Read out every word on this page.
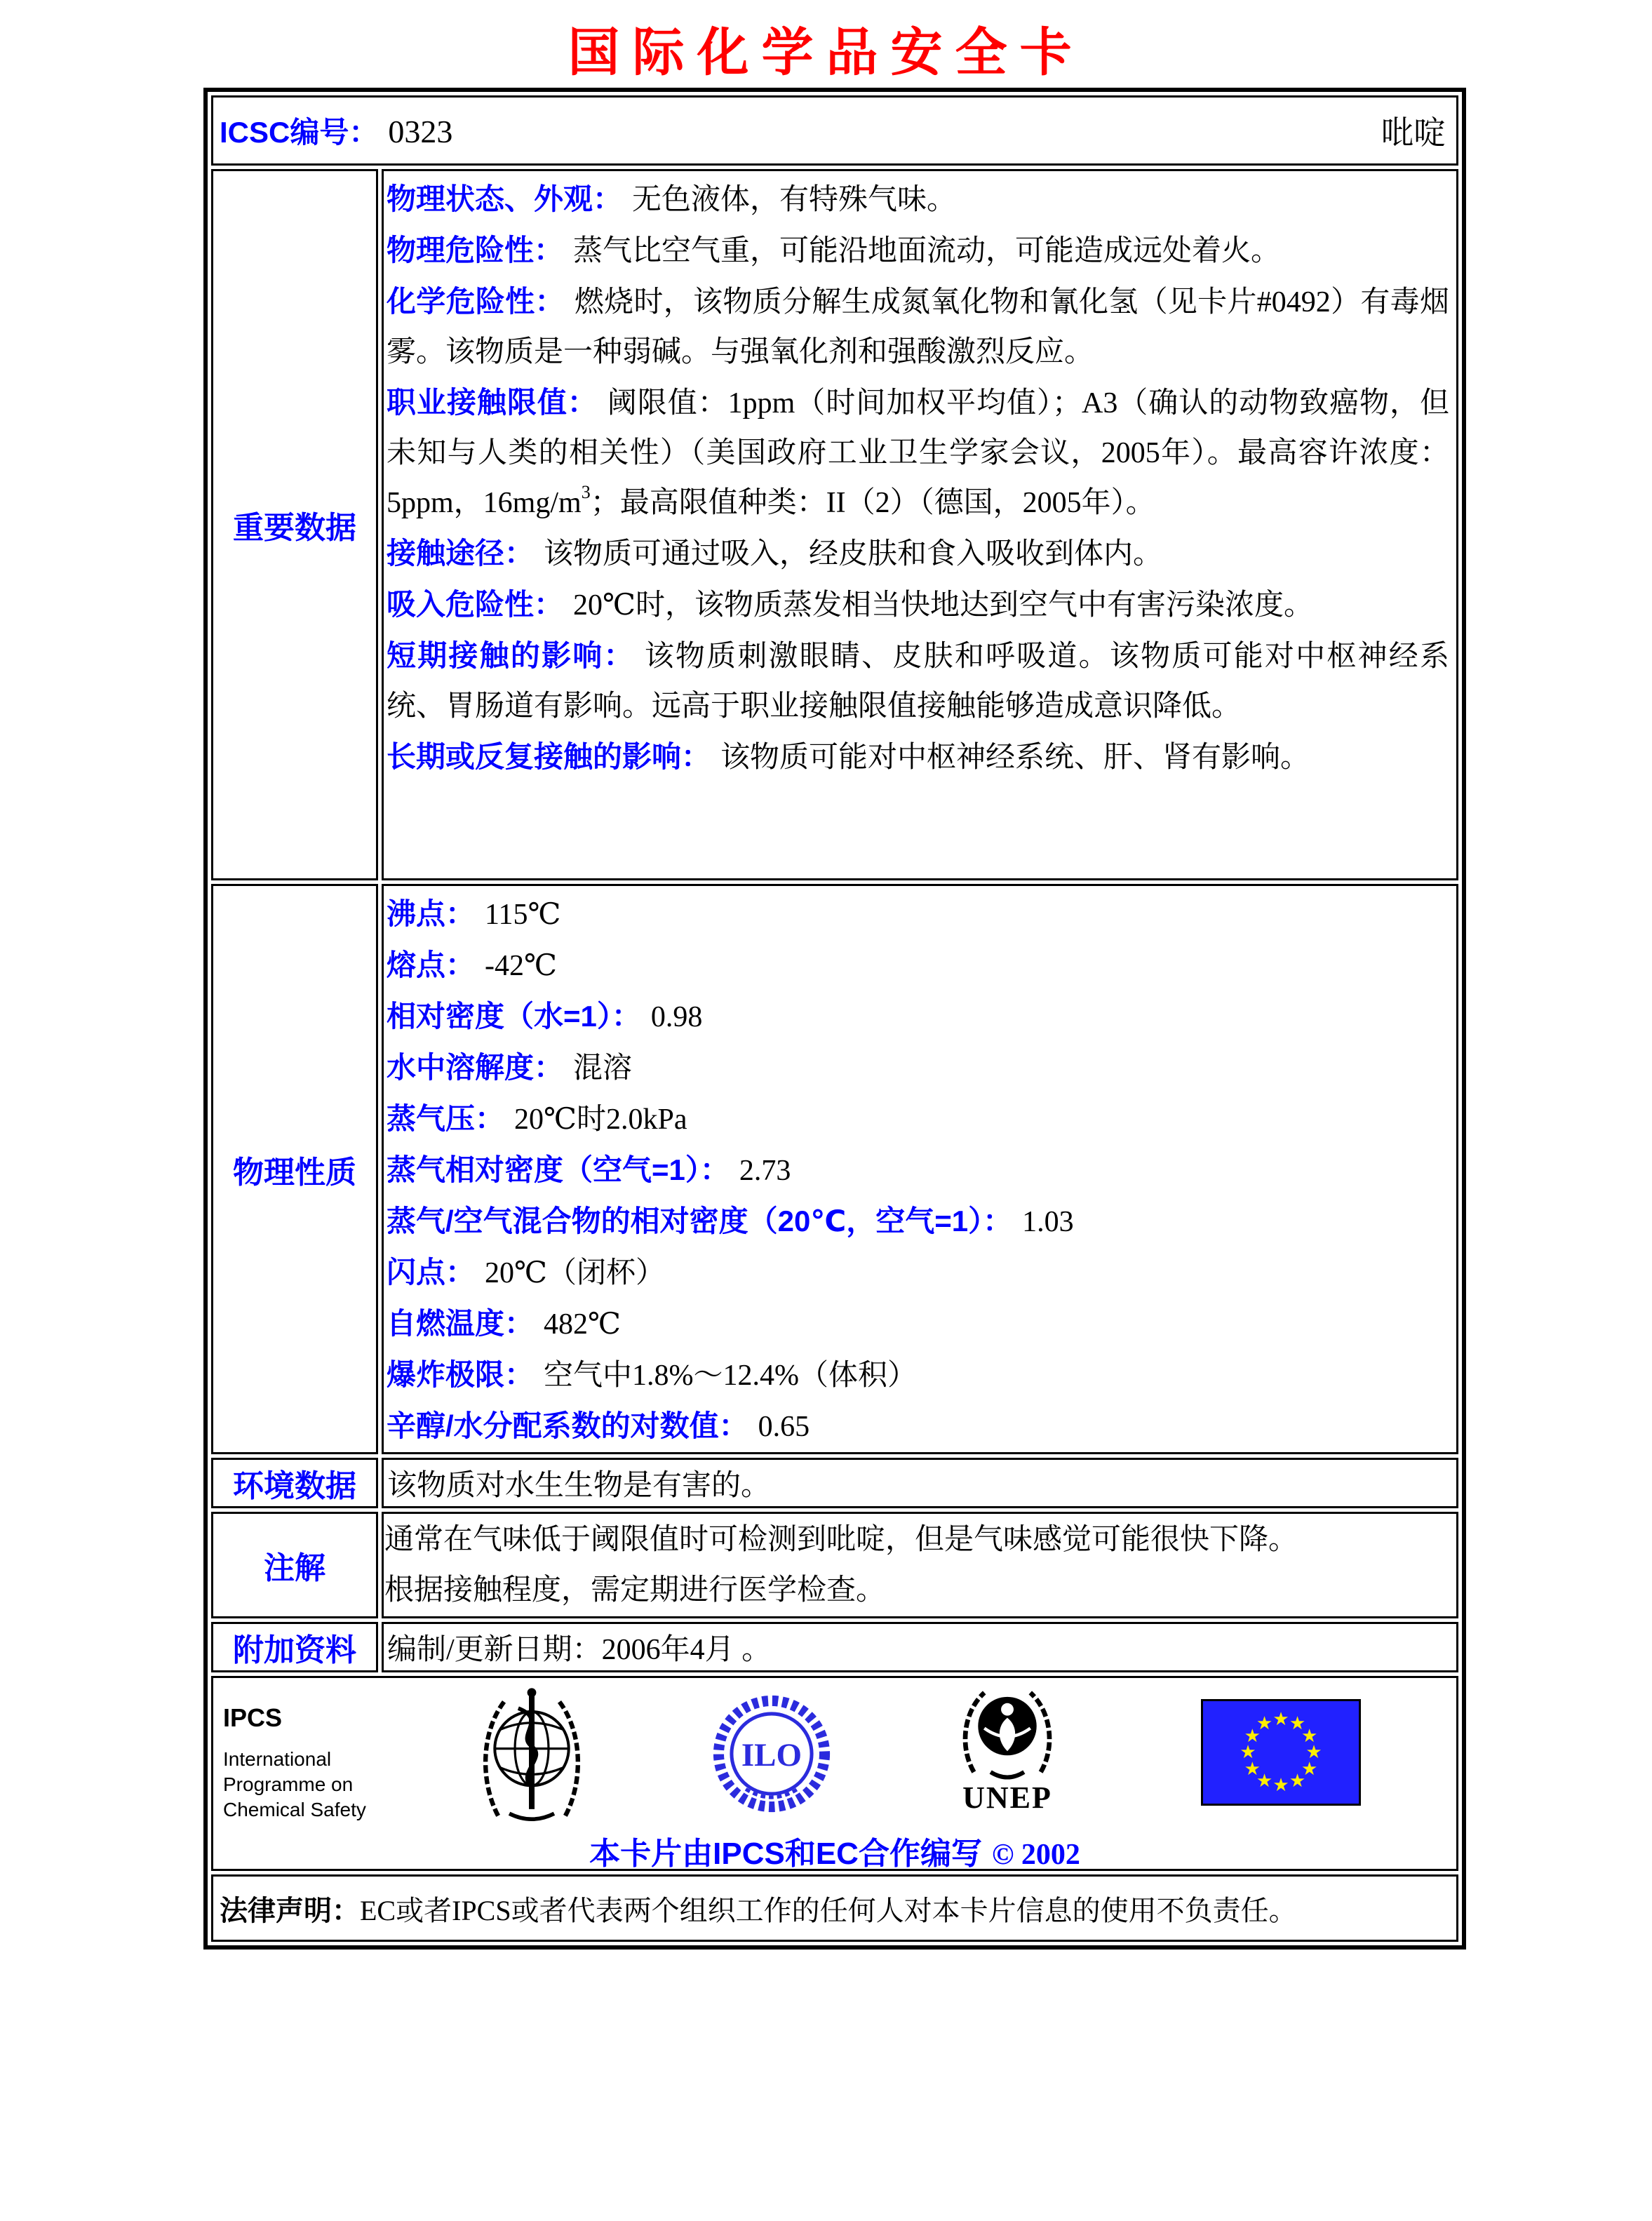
国际化学品安全卡
ICSC编号： 0323 吡啶	

重要数据	
物理状态、外观： 无色液体，有特殊气味。
物理危险性： 蒸气比空气重，可能沿地面流动，可能造成远处着火。
化学危险性： 燃烧时，该物质分解生成氮氧化物和氰化氢（见卡片#0492）有毒烟雾。该物质是一种弱碱。与强氧化剂和强酸激烈反应。
职业接触限值： 阈限值：1ppm（时间加权平均值）；A3（确认的动物致癌物，但未知与人类的相关性）（美国政府工业卫生学家会议，2005年）。最高容许浓度：5ppm，$16mg/m^3$；最高限值种类：II（2）（德国，2005年）。
接触途径： 该物质可通过吸入，经皮肤和食入吸收到体内。
吸入危险性： 20℃时，该物质蒸发相当快地达到空气中有害污染浓度。
短期接触的影响： 该物质刺激眼睛、皮肤和呼吸道。该物质可能对中枢神经系统、胃肠道有影响。远高于职业接触限值接触能够造成意识降低。
长期或反复接触的影响： 该物质可能对中枢神经系统、肝、肾有影响。

物理性质	
沸点： 115℃
熔点： -42℃
相对密度（水=1）： 0.98
水中溶解度： 混溶
蒸气压： 20℃时2.0kPa
蒸气相对密度（空气=1）： 2.73
蒸气/空气混合物的相对密度（20℃，空气=1）： 1.03
闪点： 20℃（闭杯）
自燃温度： 482℃
爆炸极限： 空气中1.8%～12.4%（体积）
辛醇/水分配系数的对数值： 0.65

环境数据	该物质对水生生物是有害的。

注解	通常在气味低于阈限值时可检测到吡啶，但是气味感觉可能很快下降。
根据接触程度，需定期进行医学检查。

附加资料	编制/更新日期：2006年4月 。

IPCS
International
Programme on
Chemical Safety
ILO
UNEP
★ ★
★
★
★
★
★
★
★
★
★
★
本卡片由IPCS和EC合作编写 © 2002

法律声明： EC或者IPCS或者代表两个组织工作的任何人对本卡片信息的使用不负责任。	
